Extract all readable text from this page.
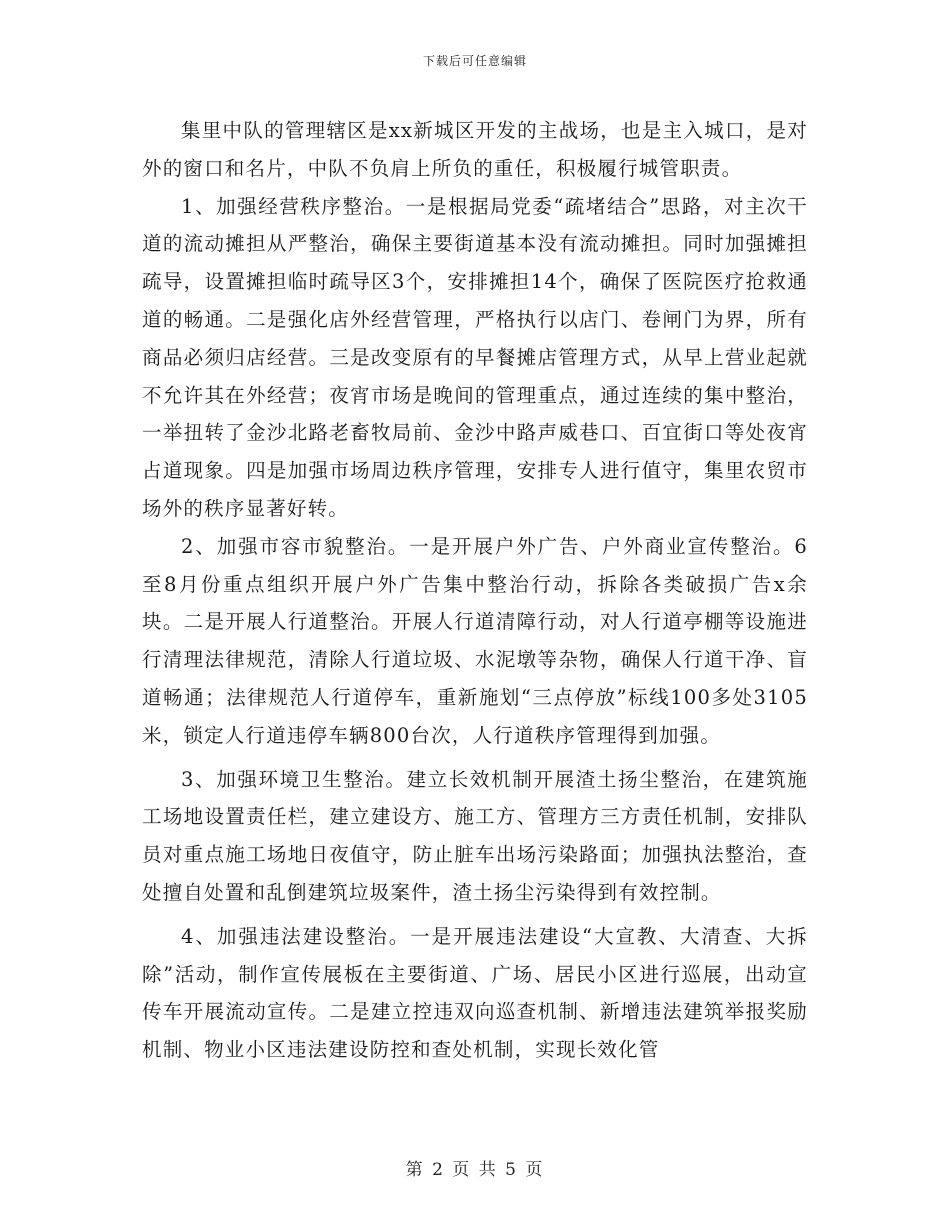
下载后可任意编辑

集里中队的管理辖区是xx新城区开发的主战场，也是主入城口，是对外的窗口和名片，中队不负肩上所负的重任，积极履行城管职责。

1、加强经营秩序整治。一是根据局党委“疏堵结合”思路，对主次干道的流动摊担从严整治，确保主要街道基本没有流动摊担。同时加强摊担疏导，设置摊担临时疏导区3个，安排摊担14个，确保了医院医疗抢救通道的畅通。二是强化店外经营管理，严格执行以店门、卷闸门为界，所有商品必须归店经营。三是改变原有的早餐摊店管理方式，从早上营业起就不允许其在外经营；夜宵市场是晚间的管理重点，通过连续的集中整治，一举扭转了金沙北路老畜牧局前、金沙中路声威巷口、百宜街口等处夜宵占道现象。四是加强市场周边秩序管理，安排专人进行值守，集里农贸市场外的秩序显著好转。

2、加强市容市貌整治。一是开展户外广告、户外商业宣传整治。6至8月份重点组织开展户外广告集中整治行动，拆除各类破损广告x余块。二是开展人行道整治。开展人行道清障行动，对人行道亭棚等设施进行清理法律规范，清除人行道垃圾、水泥墩等杂物，确保人行道干净、盲道畅通；法律规范人行道停车，重新施划“三点停放”标线100多处3105米，锁定人行道违停车辆800台次，人行道秩序管理得到加强。

3、加强环境卫生整治。建立长效机制开展渣土扬尘整治，在建筑施工场地设置责任栏，建立建设方、施工方、管理方三方责任机制，安排队员对重点施工场地日夜值守，防止脏车出场污染路面；加强执法整治，查处擅自处置和乱倒建筑垃圾案件，渣土扬尘污染得到有效控制。

4、加强违法建设整治。一是开展违法建设“大宣教、大清查、大拆除”活动，制作宣传展板在主要街道、广场、居民小区进行巡展，出动宣传车开展流动宣传。二是建立控违双向巡查机制、新增违法建筑举报奖励机制、物业小区违法建设防控和查处机制，实现长效化管

第 2 页 共 5 页
